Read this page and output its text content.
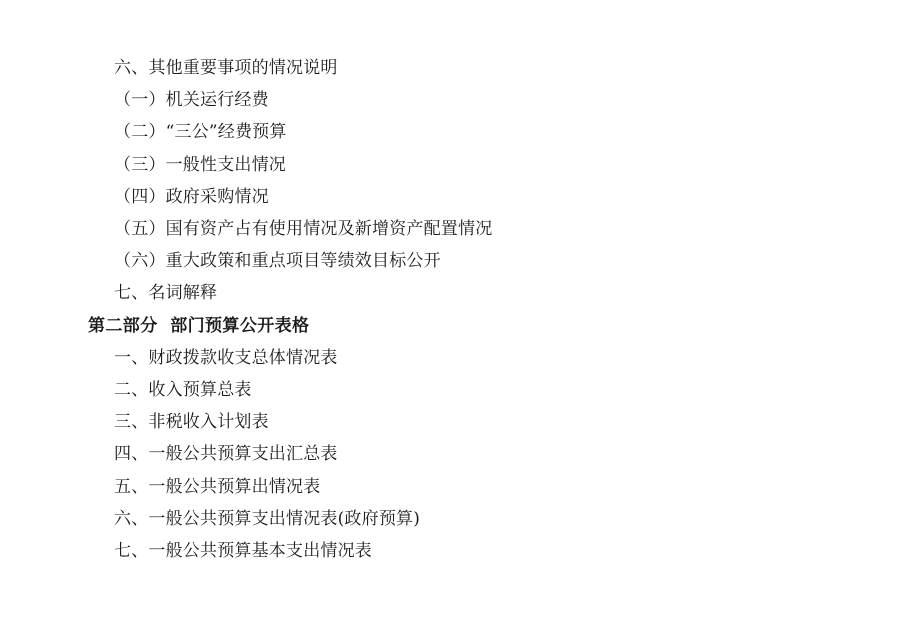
六、其他重要事项的情况说明
（一）机关运行经费
（二）“三公”经费预算
（三）一般性支出情况
（四）政府采购情况
（五）国有资产占有使用情况及新增资产配置情况
（六）重大政策和重点项目等绩效目标公开
七、名词解释
第二部分  部门预算公开表格
一、财政拨款收支总体情况表
二、收入预算总表
三、非税收入计划表
四、一般公共预算支出汇总表
五、一般公共预算出情况表
六、一般公共预算支出情况表(政府预算)
七、一般公共预算基本支出情况表
